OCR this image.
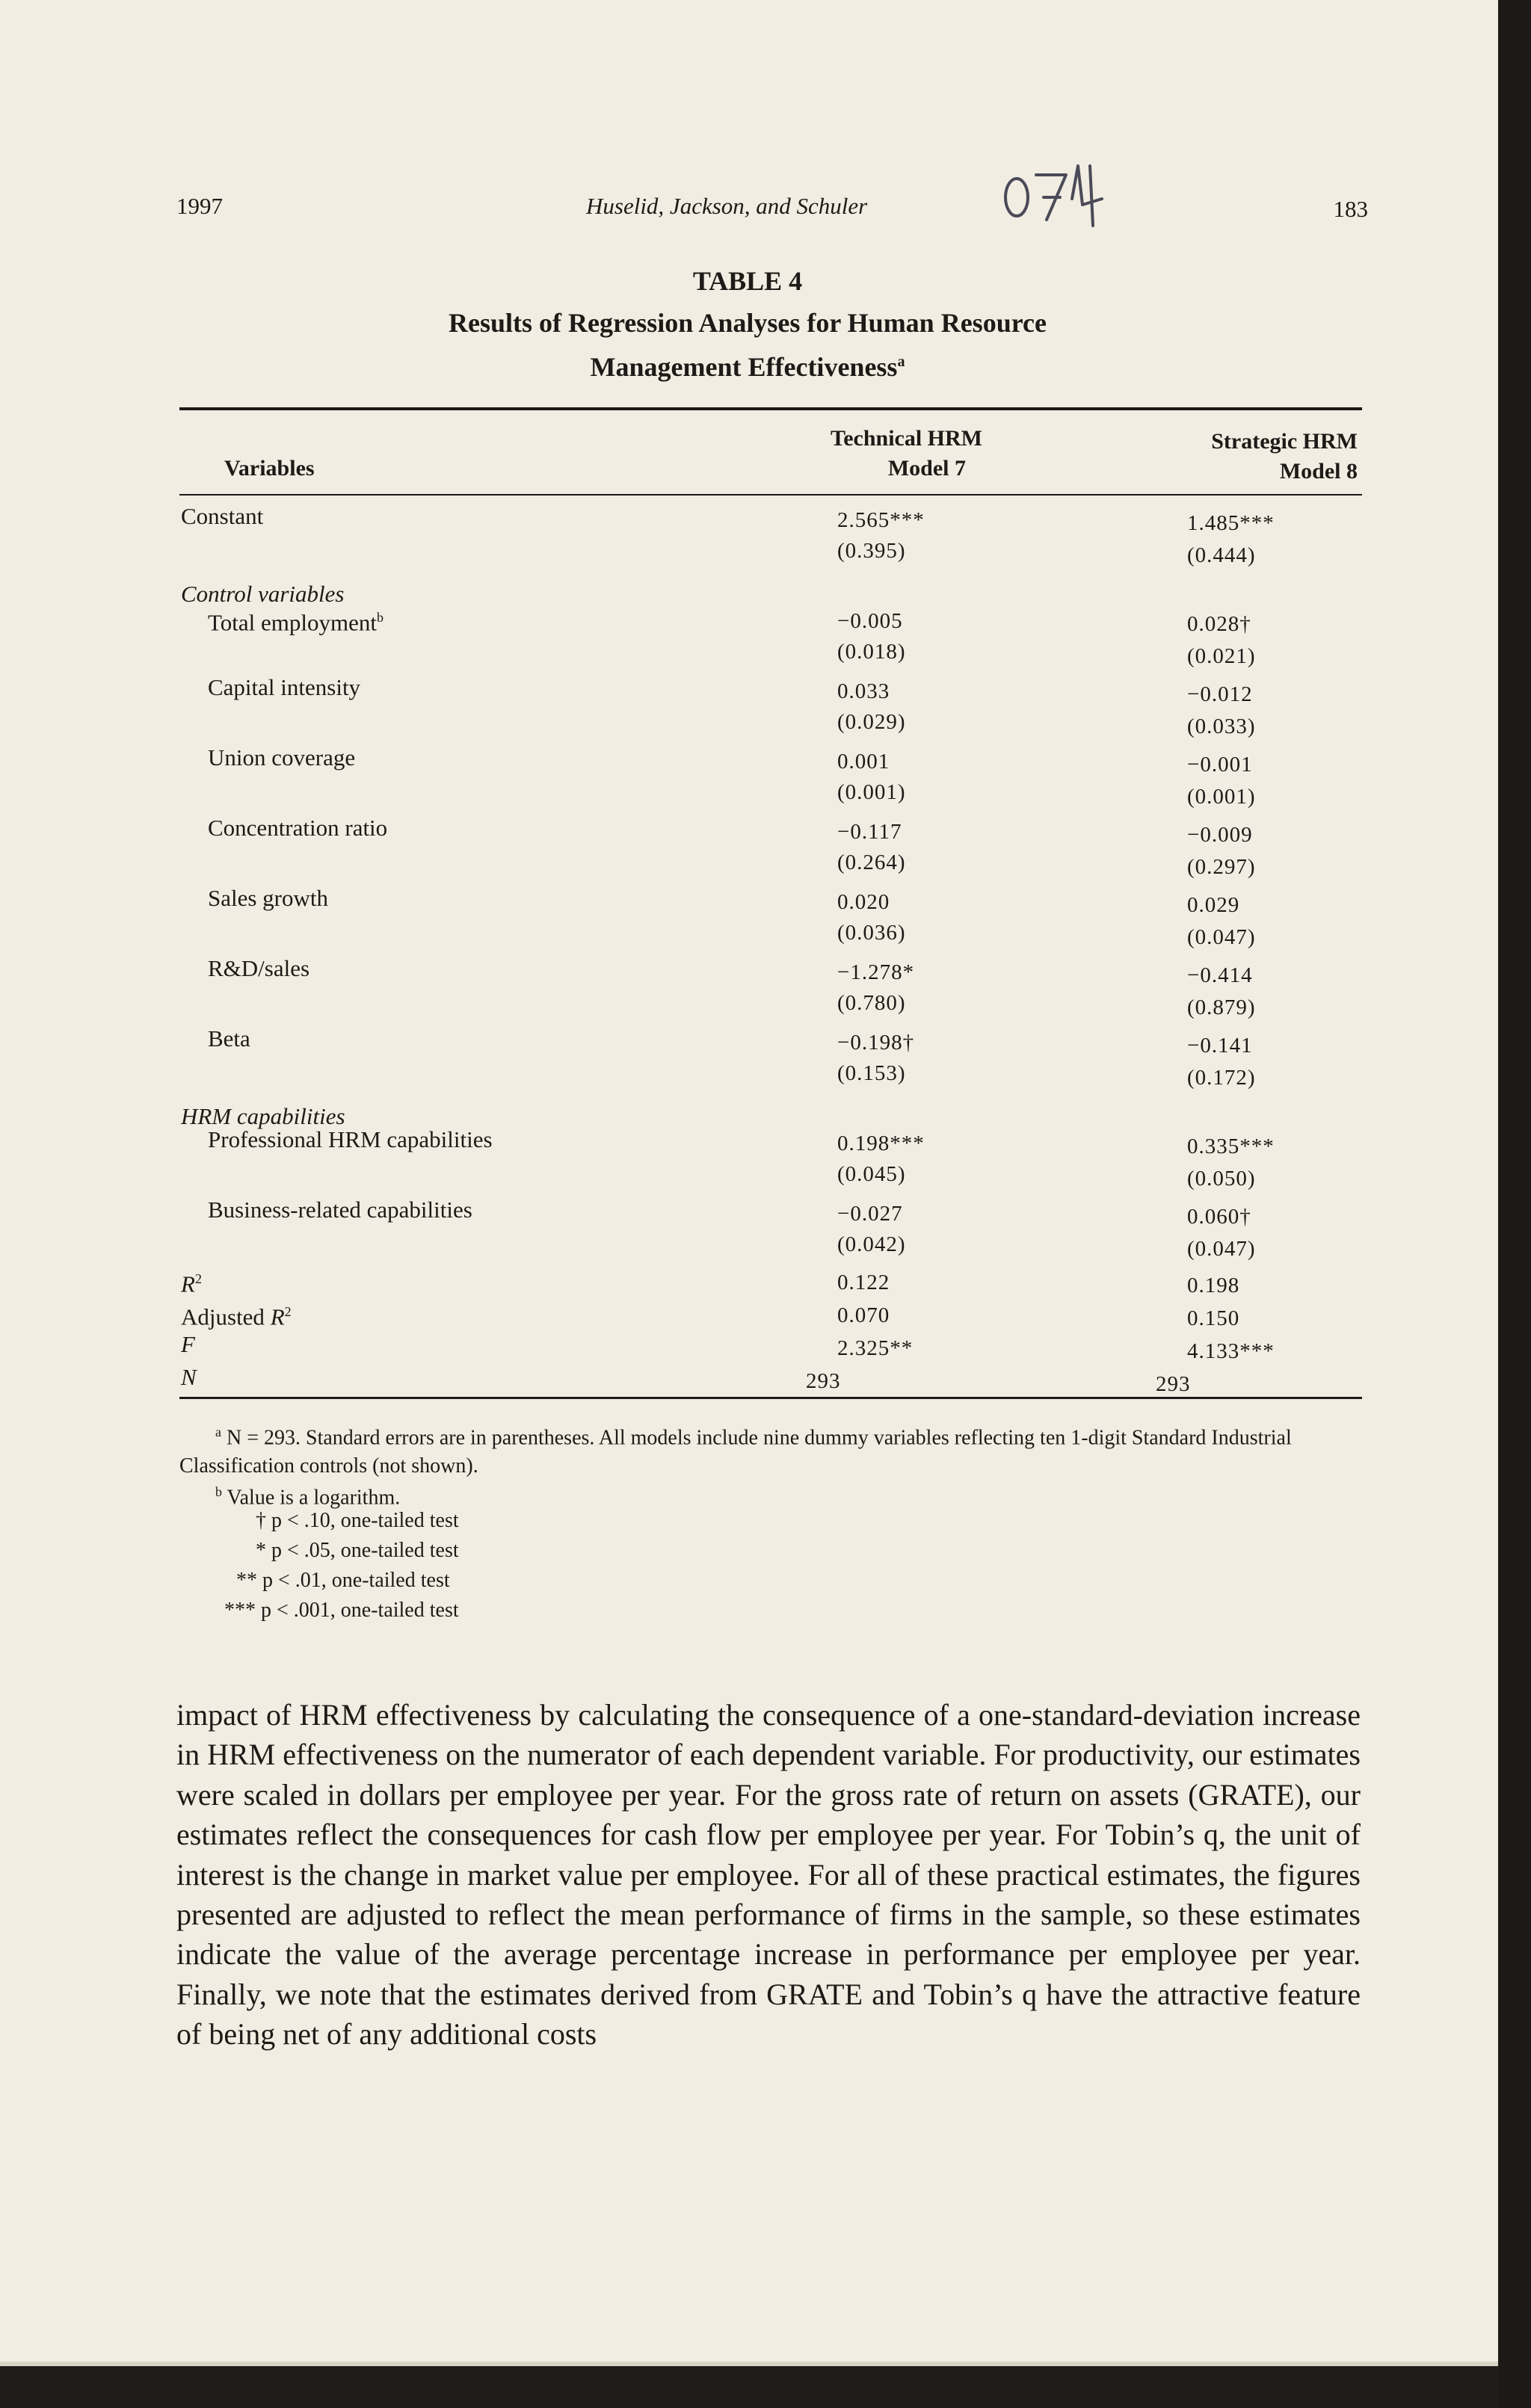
1997	Huselid, Jackson, and Schuler	183
TABLE 4
Results of Regression Analyses for Human Resource
Management Effectiveness$^a$
Variables
Technical HRM
Model 7
Strategic HRM
Model 8
Constant	2.565***	1.485***
(0.395)	(0.444)
Control variables
Total employment$^b$	−0.005	0.028†
(0.018)	(0.021)
Capital intensity	0.033	−0.012
(0.029)	(0.033)
Union coverage	0.001	−0.001
(0.001)	(0.001)
Concentration ratio	−0.117	−0.009
(0.264)	(0.297)
Sales growth	0.020	0.029
(0.036)	(0.047)
R&D/sales	−1.278*	−0.414
(0.780)	(0.879)
Beta	−0.198†	−0.141
(0.153)	(0.172)
HRM capabilities
Professional HRM capabilities	0.198***	0.335***
(0.045)	(0.050)
Business-related capabilities	−0.027	0.060†
(0.042)	(0.047)
$R^2$	0.122	0.198
Adjusted $R^2$	0.070	0.150
F	2.325**	4.133***
N	293	293
$^a$ N = 293. Standard errors are in parentheses. All models include nine dummy variables reflecting ten 1-digit Standard Industrial Classification controls (not shown).
$^b$ Value is a logarithm.
† p < .10, one-tailed test
* p < .05, one-tailed test
** p < .01, one-tailed test
*** p < .001, one-tailed test

impact of HRM effectiveness by calculating the consequence of a one-standard-deviation increase in HRM effectiveness on the numerator of each dependent variable. For productivity, our estimates were scaled in dollars per employee per year. For the gross rate of return on assets (GRATE), our estimates reflect the consequences for cash flow per employee per year. For Tobin’s q, the unit of interest is the change in market value per employee. For all of these practical estimates, the figures presented are adjusted to reflect the mean performance of firms in the sample, so these estimates indicate the value of the average percentage increase in performance per employee per year. Finally, we note that the estimates derived from GRATE and Tobin’s q have the attractive feature of being net of any additional costs
